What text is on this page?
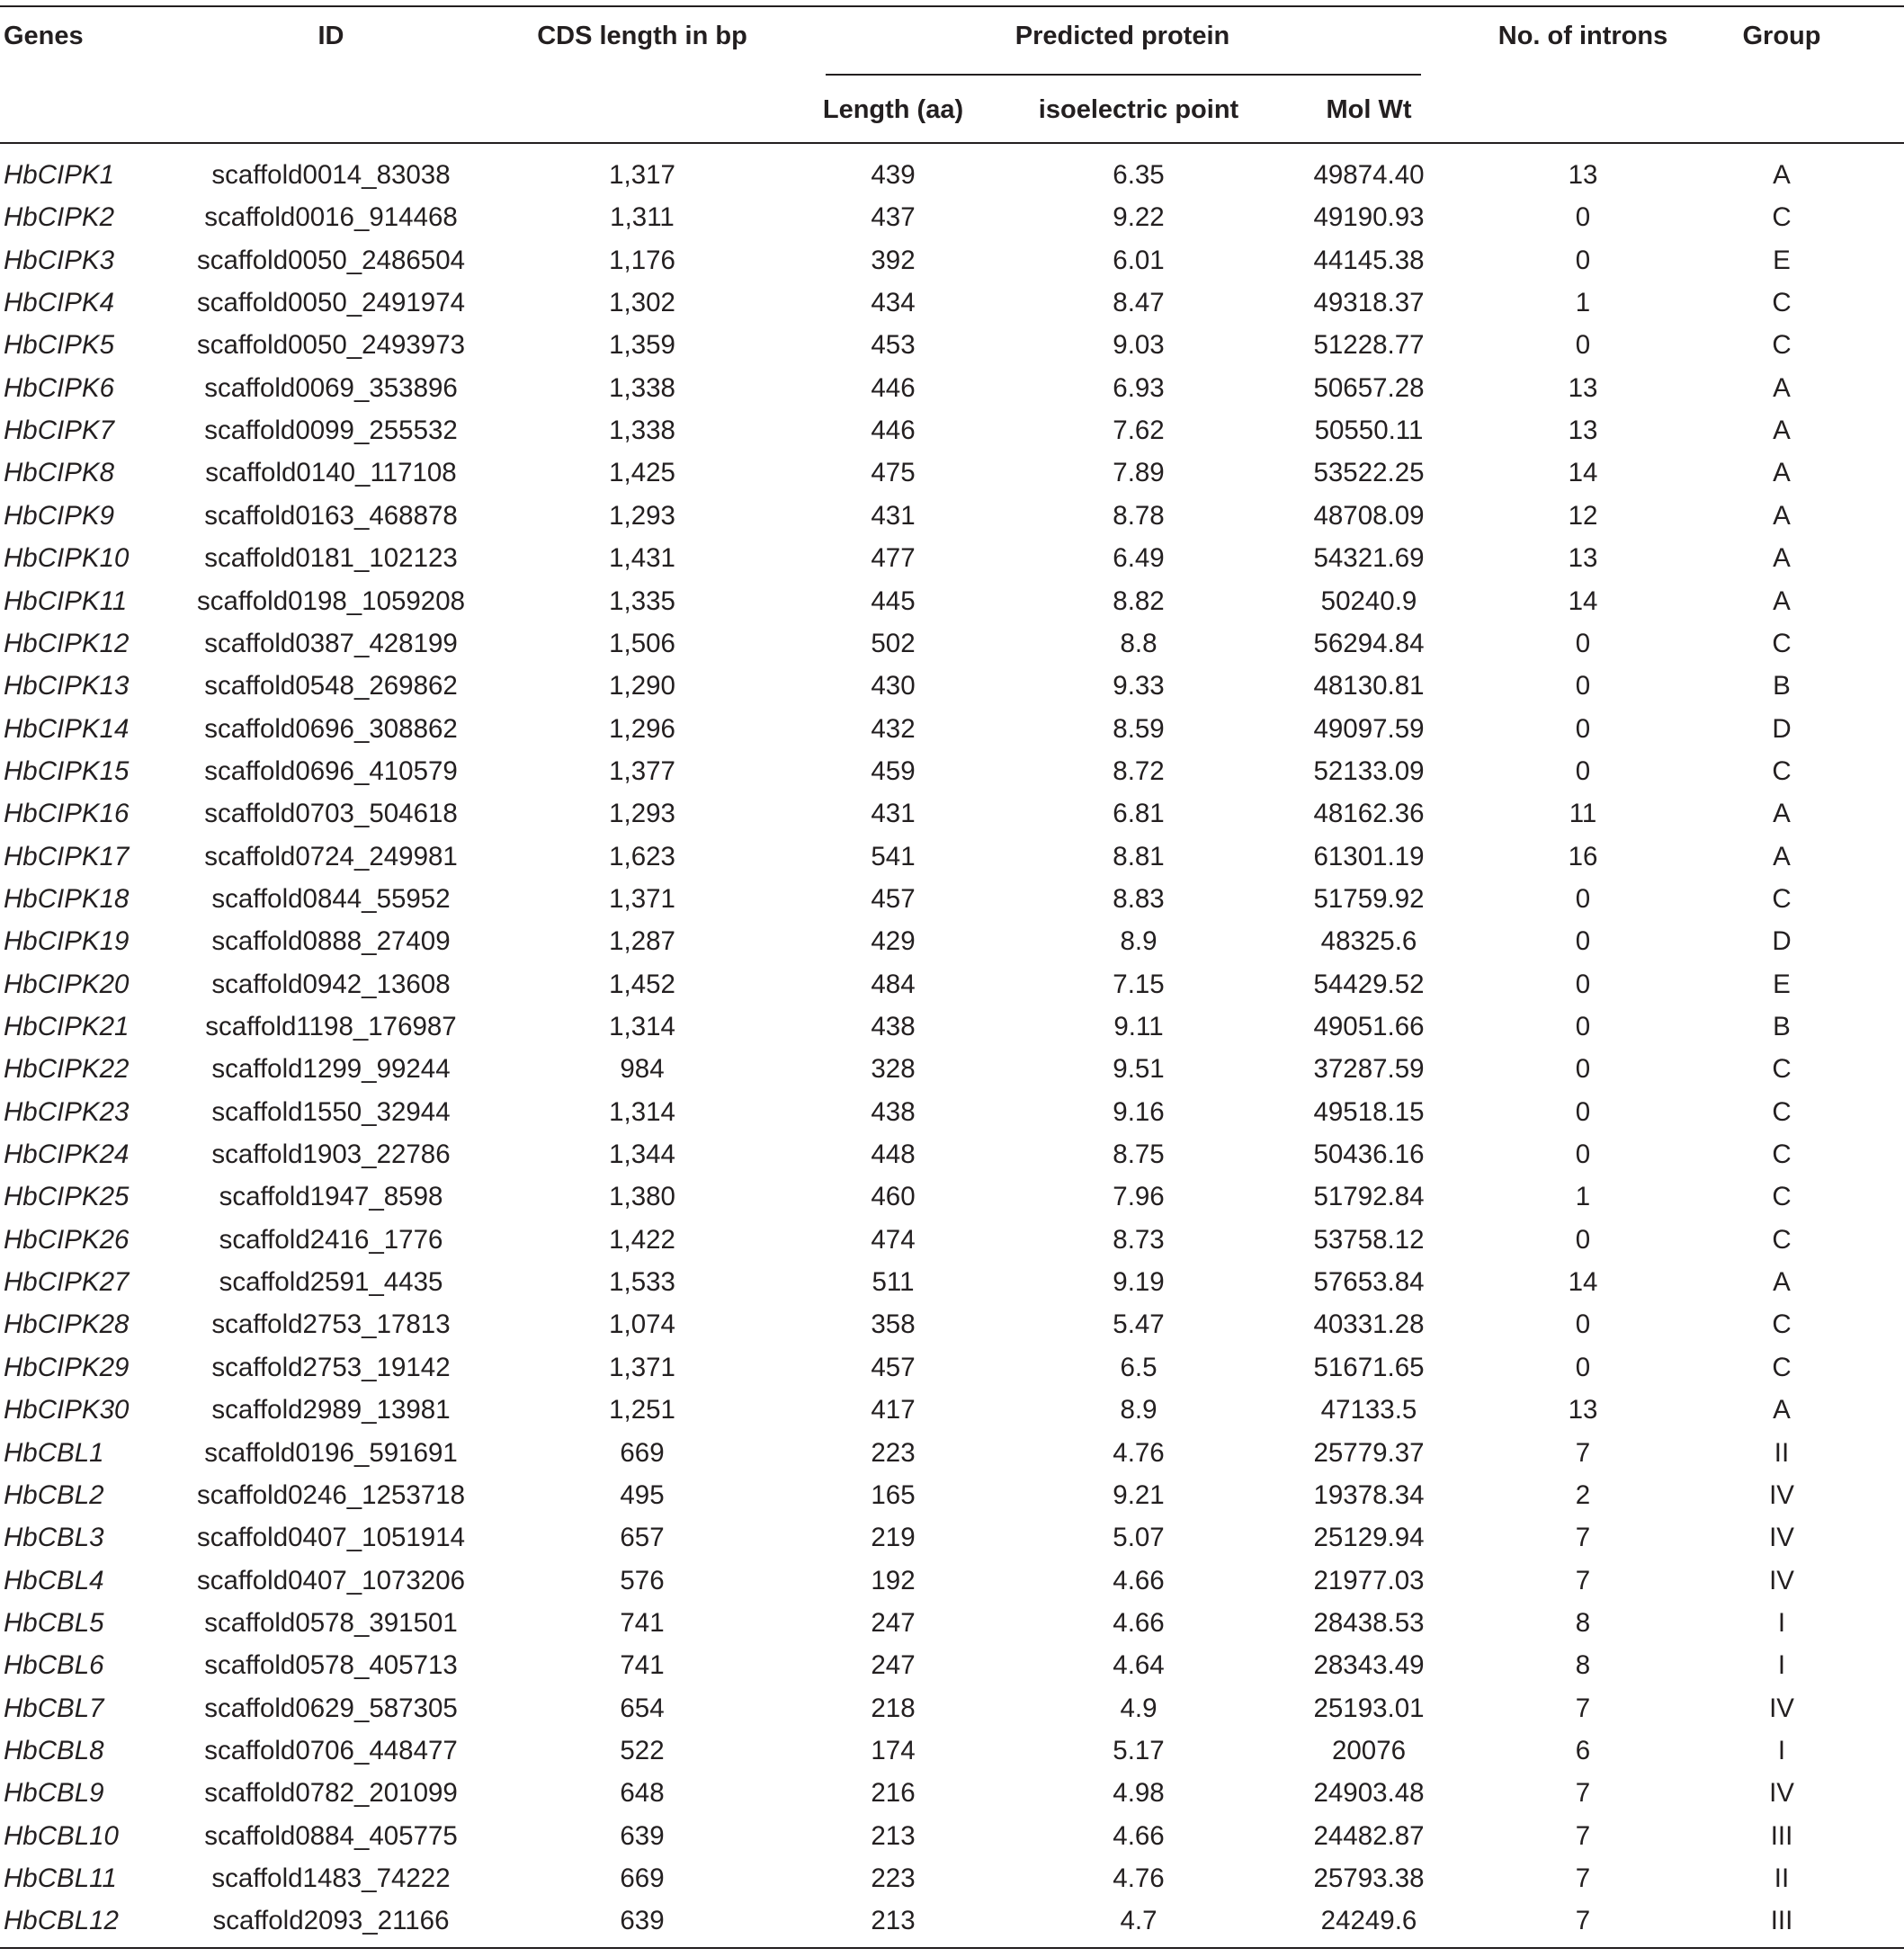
Genes	ID	CDS length in bp	Predicted protein	No. of introns	Group
Length (aa)	isoelectric point	Mol Wt
HbCIPK1	scaffold0014_83038	1,317	439	6.35	49874.40	13	A
HbCIPK2	scaffold0016_914468	1,311	437	9.22	49190.93	0	C
HbCIPK3	scaffold0050_2486504	1,176	392	6.01	44145.38	0	E
HbCIPK4	scaffold0050_2491974	1,302	434	8.47	49318.37	1	C
HbCIPK5	scaffold0050_2493973	1,359	453	9.03	51228.77	0	C
HbCIPK6	scaffold0069_353896	1,338	446	6.93	50657.28	13	A
HbCIPK7	scaffold0099_255532	1,338	446	7.62	50550.11	13	A
HbCIPK8	scaffold0140_117108	1,425	475	7.89	53522.25	14	A
HbCIPK9	scaffold0163_468878	1,293	431	8.78	48708.09	12	A
HbCIPK10	scaffold0181_102123	1,431	477	6.49	54321.69	13	A
HbCIPK11	scaffold0198_1059208	1,335	445	8.82	50240.9	14	A
HbCIPK12	scaffold0387_428199	1,506	502	8.8	56294.84	0	C
HbCIPK13	scaffold0548_269862	1,290	430	9.33	48130.81	0	B
HbCIPK14	scaffold0696_308862	1,296	432	8.59	49097.59	0	D
HbCIPK15	scaffold0696_410579	1,377	459	8.72	52133.09	0	C
HbCIPK16	scaffold0703_504618	1,293	431	6.81	48162.36	11	A
HbCIPK17	scaffold0724_249981	1,623	541	8.81	61301.19	16	A
HbCIPK18	scaffold0844_55952	1,371	457	8.83	51759.92	0	C
HbCIPK19	scaffold0888_27409	1,287	429	8.9	48325.6	0	D
HbCIPK20	scaffold0942_13608	1,452	484	7.15	54429.52	0	E
HbCIPK21	scaffold1198_176987	1,314	438	9.11	49051.66	0	B
HbCIPK22	scaffold1299_99244	984	328	9.51	37287.59	0	C
HbCIPK23	scaffold1550_32944	1,314	438	9.16	49518.15	0	C
HbCIPK24	scaffold1903_22786	1,344	448	8.75	50436.16	0	C
HbCIPK25	scaffold1947_8598	1,380	460	7.96	51792.84	1	C
HbCIPK26	scaffold2416_1776	1,422	474	8.73	53758.12	0	C
HbCIPK27	scaffold2591_4435	1,533	511	9.19	57653.84	14	A
HbCIPK28	scaffold2753_17813	1,074	358	5.47	40331.28	0	C
HbCIPK29	scaffold2753_19142	1,371	457	6.5	51671.65	0	C
HbCIPK30	scaffold2989_13981	1,251	417	8.9	47133.5	13	A
HbCBL1	scaffold0196_591691	669	223	4.76	25779.37	7	II
HbCBL2	scaffold0246_1253718	495	165	9.21	19378.34	2	IV
HbCBL3	scaffold0407_1051914	657	219	5.07	25129.94	7	IV
HbCBL4	scaffold0407_1073206	576	192	4.66	21977.03	7	IV
HbCBL5	scaffold0578_391501	741	247	4.66	28438.53	8	I
HbCBL6	scaffold0578_405713	741	247	4.64	28343.49	8	I
HbCBL7	scaffold0629_587305	654	218	4.9	25193.01	7	IV
HbCBL8	scaffold0706_448477	522	174	5.17	20076	6	I
HbCBL9	scaffold0782_201099	648	216	4.98	24903.48	7	IV
HbCBL10	scaffold0884_405775	639	213	4.66	24482.87	7	III
HbCBL11	scaffold1483_74222	669	223	4.76	25793.38	7	II
HbCBL12	scaffold2093_21166	639	213	4.7	24249.6	7	III
